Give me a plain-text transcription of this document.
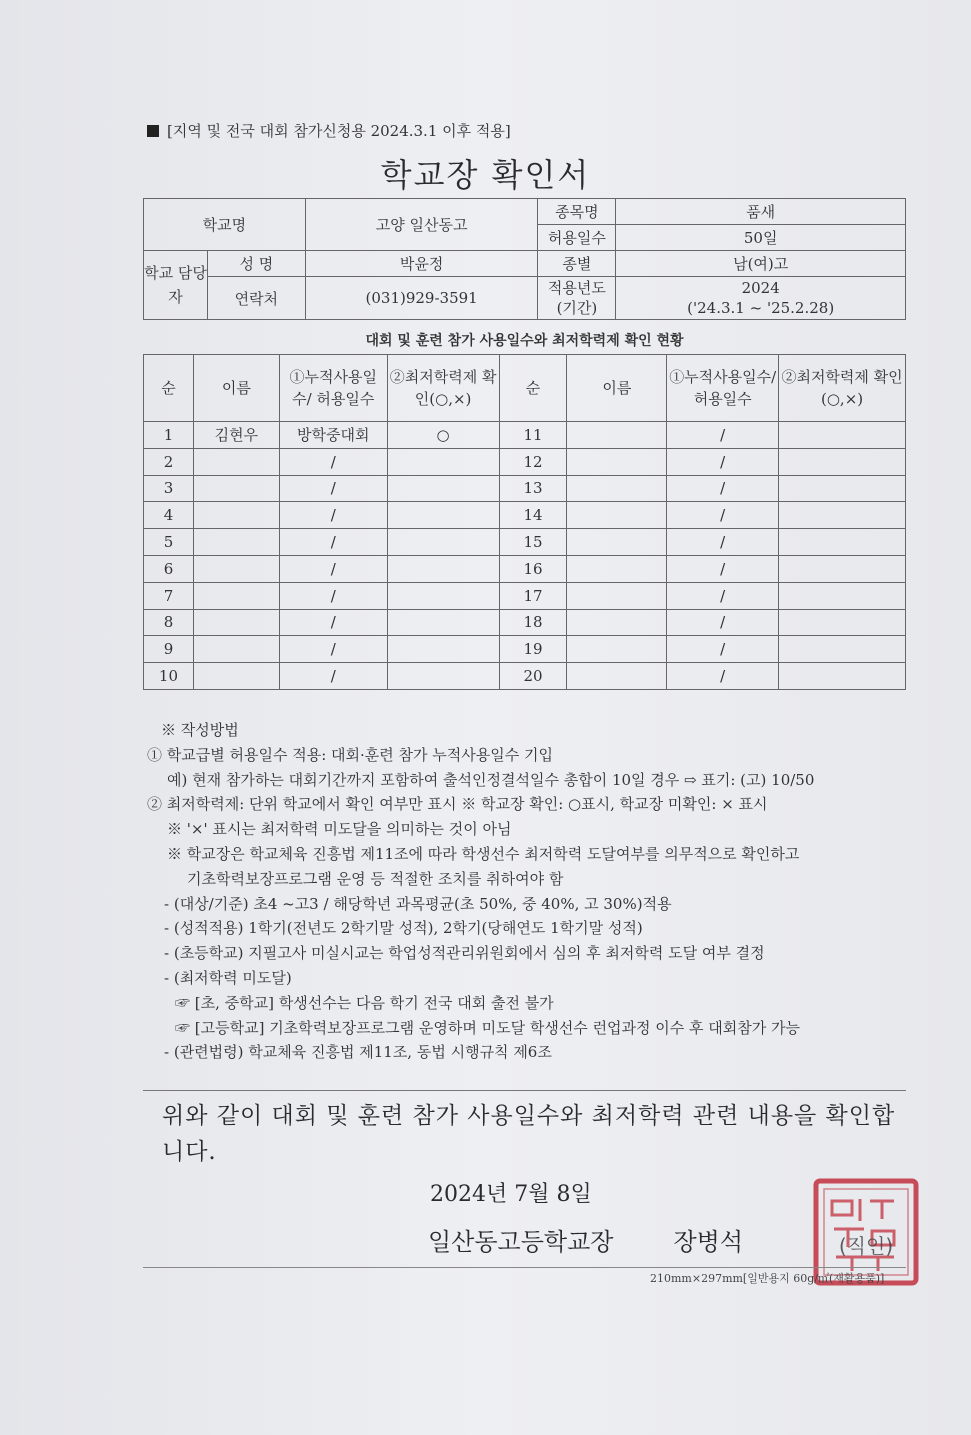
[지역 및 전국 대회 참가신청용 2024.3.1 이후 적용]
학교장 확인서
학교명		고양 일산동고	종목명	품새
			허용일수	50일
학교 담당자	성 명	박윤정	종별	남(여)고
	연락처	(031)929-3591	적용년도 (기간)	2024
('24.3.1 ~ '25.2.28)
대회 및 훈련 참가 사용일수와 최저학력제 확인 현황
순	이름	①누적사용일수/ 허용일수	②최저학력제 확인(○,×)	순	이름	①누적사용일수/ 허용일수	②최저학력제 확인(○,×)
1	김현우	방학중대회	○	11		/	
2		/		12		/	
3		/		13		/	
4		/		14		/	
5		/		15		/	
6		/		16		/	
7		/		17		/	
8		/		18		/	
9		/		19		/	
10		/		20		/	
※ 작성방법
① 학교급별 허용일수 적용: 대회·훈련 참가 누적사용일수 기입
예) 현재 참가하는 대회기간까지 포함하여 출석인정결석일수 총합이 10일 경우 ⇨ 표기: (고) 10/50
② 최저학력제: 단위 학교에서 확인 여부만 표시 ※ 학교장 확인: ○표시, 학교장 미확인: × 표시
※ '×' 표시는 최저학력 미도달을 의미하는 것이 아님
※ 학교장은 학교체육 진흥법 제11조에 따라 학생선수 최저학력 도달여부를 의무적으로 확인하고
기초학력보장프로그램 운영 등 적절한 조치를 취하여야 함
- (대상/기준) 초4 ~고3 / 해당학년 과목평균(초 50%, 중 40%, 고 30%)적용
- (성적적용) 1학기(전년도 2학기말 성적), 2학기(당해연도 1학기말 성적)
- (초등학교) 지필고사 미실시교는 학업성적관리위원회에서 심의 후 최저학력 도달 여부 결정
- (최저학력 미도달)
☞ [초, 중학교] 학생선수는 다음 학기 전국 대회 출전 불가
☞ [고등학교] 기초학력보장프로그램 운영하며 미도달 학생선수 런업과정 이수 후 대회참가 가능
- (관련법령) 학교체육 진흥법 제11조, 동법 시행규칙 제6조
위와 같이 대회 및 훈련 참가 사용일수와 최저학력 관련 내용을 확인합니다.
2024년 7월 8일
일산동고등학교장	장병석	(직인)
210mm×297mm[일반용지 60g/㎡(재활용품)]
